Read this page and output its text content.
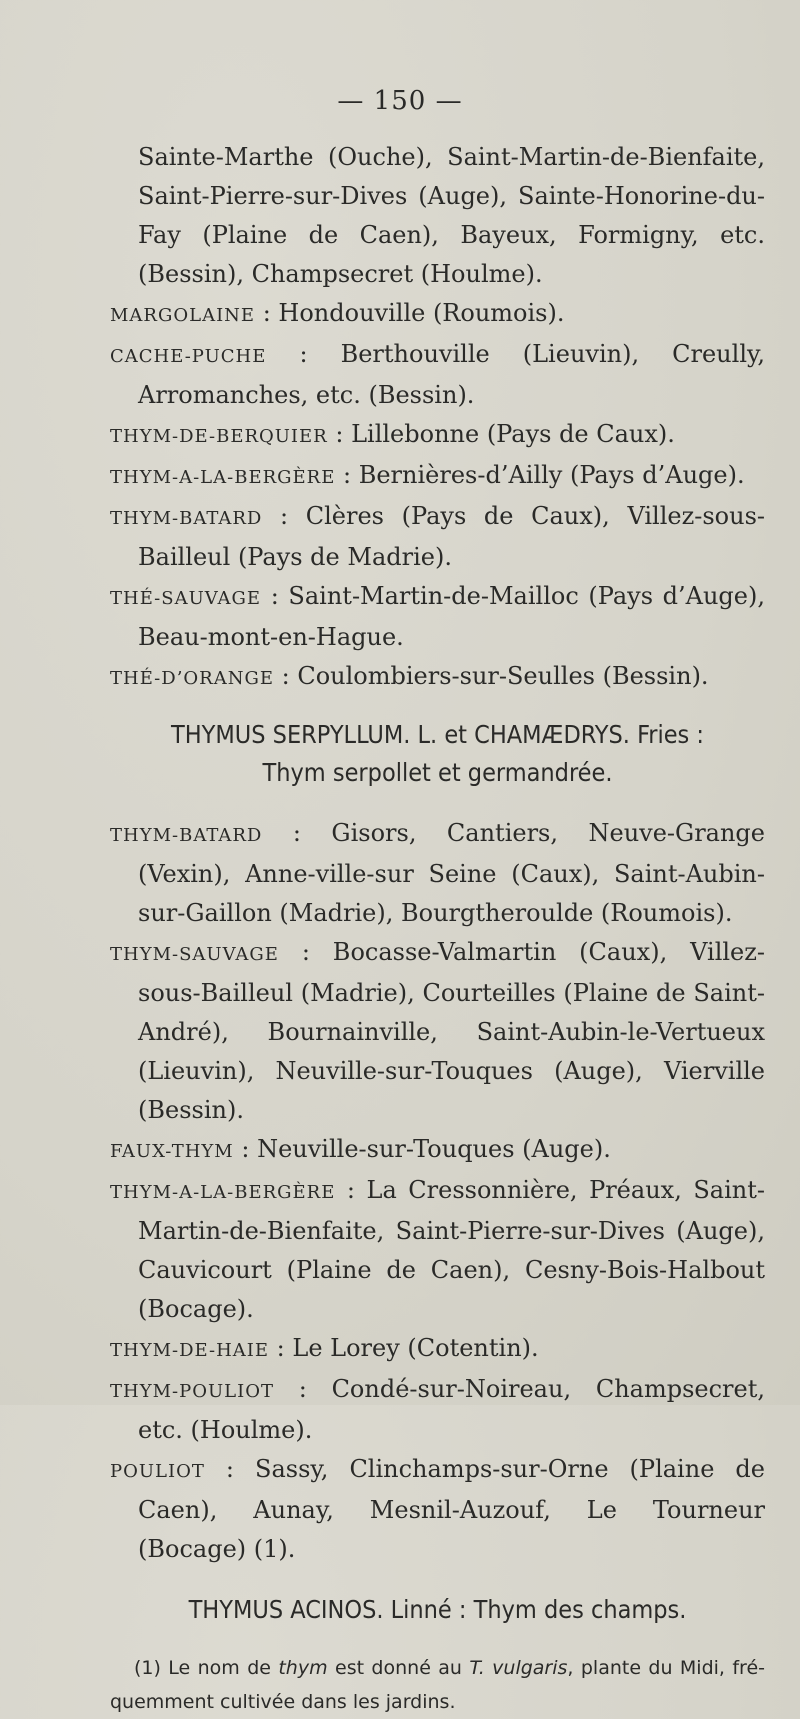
— 150 —

Sainte-Marthe (Ouche), Saint-Martin-de-Bienfaite, Saint-Pierre-sur-Dives (Auge), Sainte-Honorine-du-Fay (Plaine de Caen), Bayeux, Formigny, etc. (Bessin), Champsecret (Houlme).

MARGOLAINE : Hondouville (Roumois).

CACHE-PUCHE : Berthouville (Lieuvin), Creully, Arromanches, etc. (Bessin).

THYM-DE-BERQUIER : Lillebonne (Pays de Caux).

THYM-A-LA-BERGÈRE : Bernières-d’Ailly (Pays d’Auge).

THYM-BATARD : Clères (Pays de Caux), Villez-sous-Bailleul (Pays de Madrie).

THÉ-SAUVAGE : Saint-Martin-de-Mailloc (Pays d’Auge), Beau-mont-en-Hague.

THÉ-D’ORANGE : Coulombiers-sur-Seulles (Bessin).

THYMUS SERPYLLUM. L. et CHAMÆDRYS. Fries :
Thym serpollet et germandrée.

THYM-BATARD : Gisors, Cantiers, Neuve-Grange (Vexin), Anne-ville-sur Seine (Caux), Saint-Aubin-sur-Gaillon (Madrie), Bourgtheroulde (Roumois).

THYM-SAUVAGE : Bocasse-Valmartin (Caux), Villez-sous-Bailleul (Madrie), Courteilles (Plaine de Saint-André), Bournainville, Saint-Aubin-le-Vertueux (Lieuvin), Neuville-sur-Touques (Auge), Vierville (Bessin).

FAUX-THYM : Neuville-sur-Touques (Auge).

THYM-A-LA-BERGÈRE : La Cressonnière, Préaux, Saint-Martin-de-Bienfaite, Saint-Pierre-sur-Dives (Auge), Cauvicourt (Plaine de Caen), Cesny-Bois-Halbout (Bocage).

THYM-DE-HAIE : Le Lorey (Cotentin).

THYM-POULIOT : Condé-sur-Noireau, Champsecret, etc. (Houlme).

POULIOT : Sassy, Clinchamps-sur-Orne (Plaine de Caen), Aunay, Mesnil-Auzouf, Le Tourneur (Bocage) (1).

THYMUS ACINOS. Linné : Thym des champs.

(1) Le nom de thym est donné au T. vulgaris, plante du Midi, fré-quemment cultivée dans les jardins.
